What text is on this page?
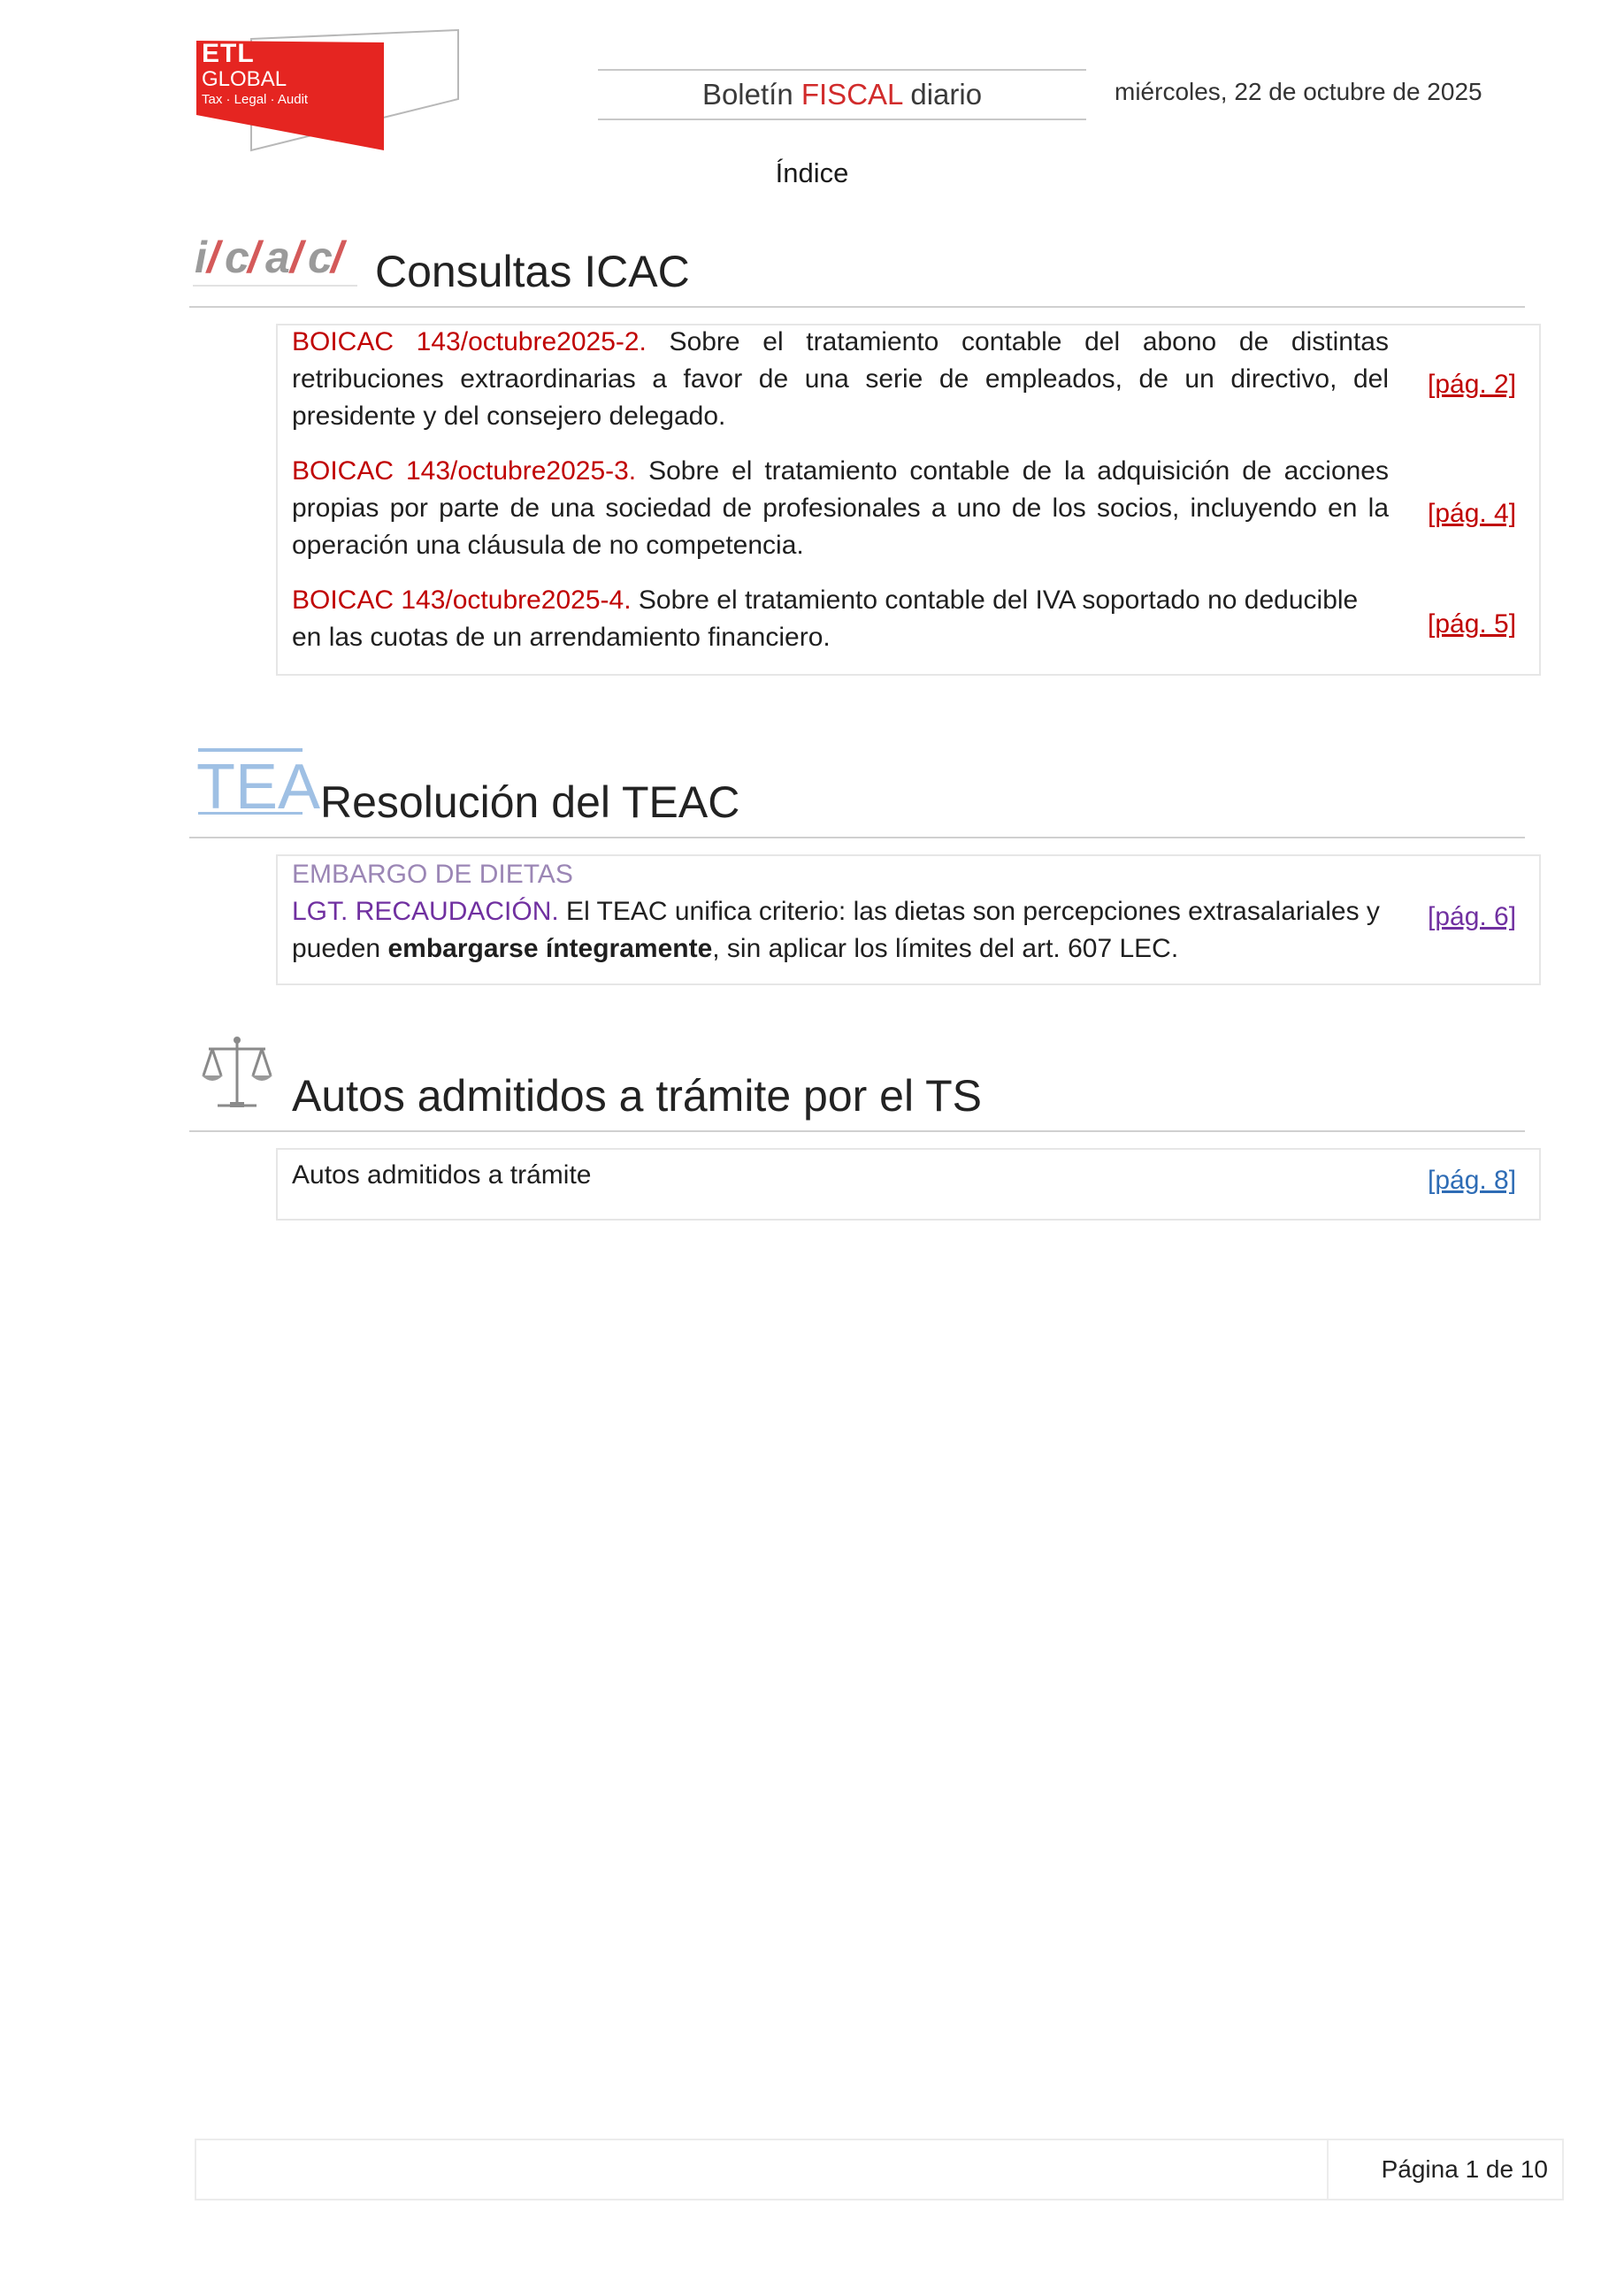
ETL
GLOBAL
Tax · Legal · Audit	Boletín FISCAL diario	miércoles, 22 de octubre de 2025
Índice
i / c
/ a / c
/ Consultas ICAC
BOICAC 143/octubre2025-2. Sobre el tratamiento contable del abono de distintas retribuciones extraordinarias a favor de una serie de empleados, de un directivo, del presidente y del consejero delegado.
[pág. 2]
BOICAC 143/octubre2025-3. Sobre el tratamiento contable de la adquisición de acciones propias por parte de una sociedad de profesionales a uno de los socios, incluyendo en la operación una cláusula de no competencia.
[pág. 4]
BOICAC 143/octubre2025-4. Sobre el tratamiento contable del IVA soportado no deducible en las cuotas de un arrendamiento financiero.	[pág. 5]
TEA Resolución del TEAC
EMBARGO DE DIETAS
LGT. RECAUDACIÓN. El TEAC unifica criterio: las dietas son percepciones extrasalariales y pueden embargarse íntegramente, sin aplicar los límites del art. 607 LEC.
[pág. 6]
Autos admitidos a trámite por el TS
Autos admitidos a trámite	[pág. 8]
Página 1 de 10
